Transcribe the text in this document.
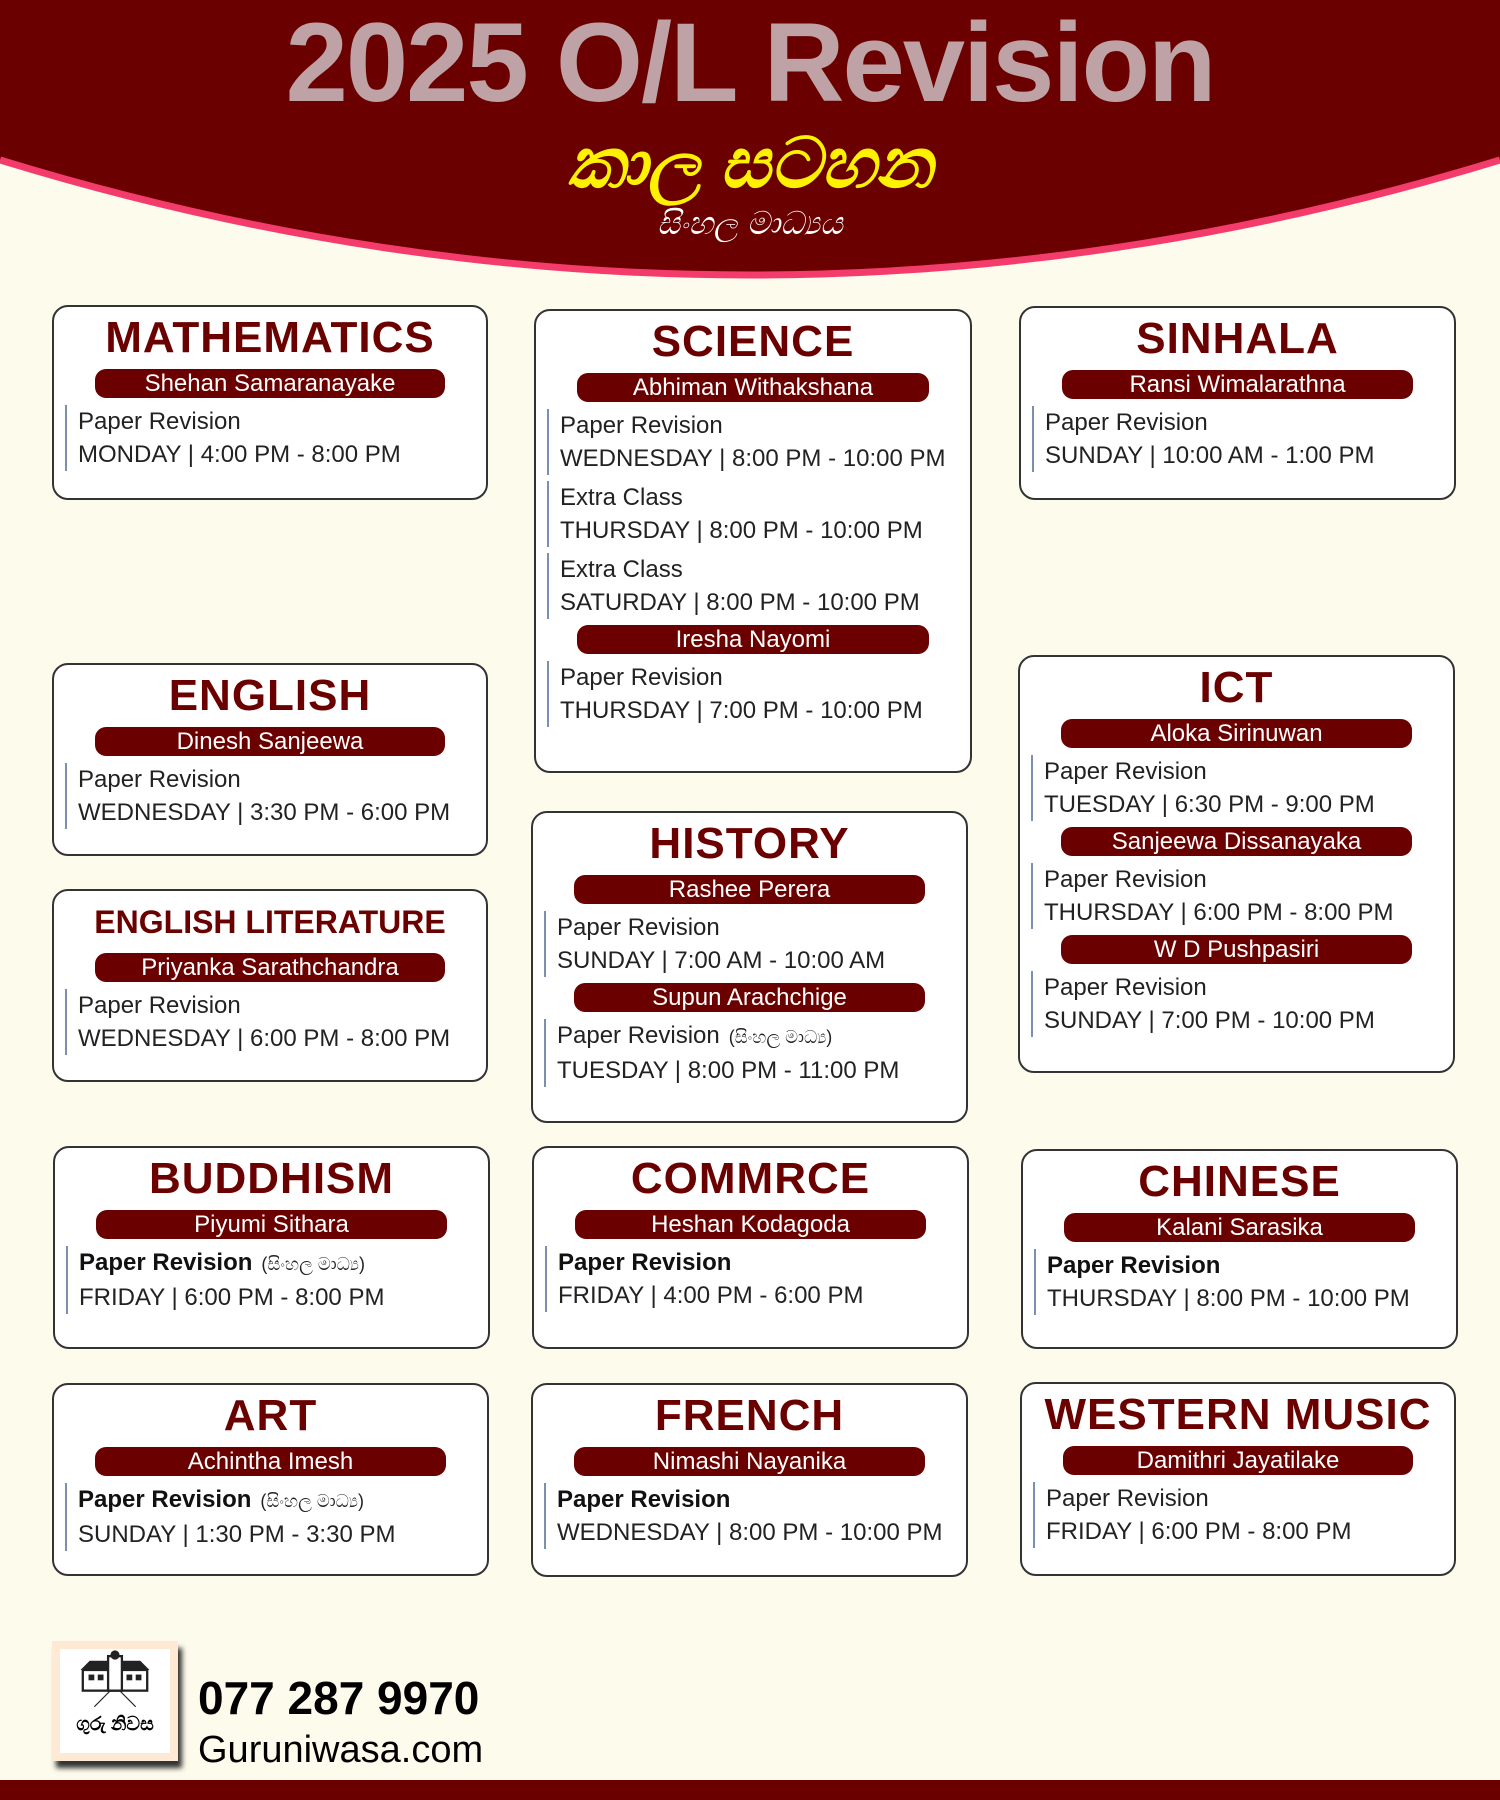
2025 O/L Revision
කාල සටහන
සිංහල මාධ්‍යය
MATHEMATICS
Shehan Samaranayake
Paper Revision
MONDAY | 4:00 PM - 8:00 PM
SCIENCE
Abhiman Withakshana
Paper Revision
WEDNESDAY | 8:00 PM - 10:00 PM
Extra Class
THURSDAY | 8:00 PM - 10:00 PM
Extra Class
SATURDAY | 8:00 PM - 10:00 PM
Iresha Nayomi
Paper Revision
THURSDAY | 7:00 PM - 10:00 PM
SINHALA
Ransi Wimalarathna
Paper Revision
SUNDAY | 10:00 AM - 1:00 PM
ENGLISH
Dinesh Sanjeewa
Paper Revision
WEDNESDAY | 3:30 PM - 6:00 PM
ENGLISH LITERATURE
Priyanka Sarathchandra
Paper Revision
WEDNESDAY | 6:00 PM - 8:00 PM
HISTORY
Rashee Perera
Paper Revision
SUNDAY | 7:00 AM - 10:00 AM
Supun Arachchige
Paper Revision (සිංහල මාධ්‍ය)
TUESDAY | 8:00 PM - 11:00 PM
ICT
Aloka Sirinuwan
Paper Revision
TUESDAY | 6:30 PM - 9:00 PM
Sanjeewa Dissanayaka
Paper Revision
THURSDAY | 6:00 PM - 8:00 PM
W D Pushpasiri
Paper Revision
SUNDAY | 7:00 PM - 10:00 PM
BUDDHISM
Piyumi Sithara
Paper Revision (සිංහල මාධ්‍ය)
FRIDAY | 6:00 PM - 8:00 PM
COMMRCE
Heshan Kodagoda
Paper Revision
FRIDAY | 4:00 PM - 6:00 PM
CHINESE
Kalani Sarasika
Paper Revision
THURSDAY | 8:00 PM - 10:00 PM
ART
Achintha Imesh
Paper Revision (සිංහල මාධ්‍ය)
SUNDAY | 1:30 PM - 3:30 PM
FRENCH
Nimashi Nayanika
Paper Revision
WEDNESDAY | 8:00 PM - 10:00 PM
WESTERN MUSIC
Damithri Jayatilake
Paper Revision
FRIDAY | 6:00 PM - 8:00 PM
ගුරු නිවස
077 287 9970
Guruniwasa.com
